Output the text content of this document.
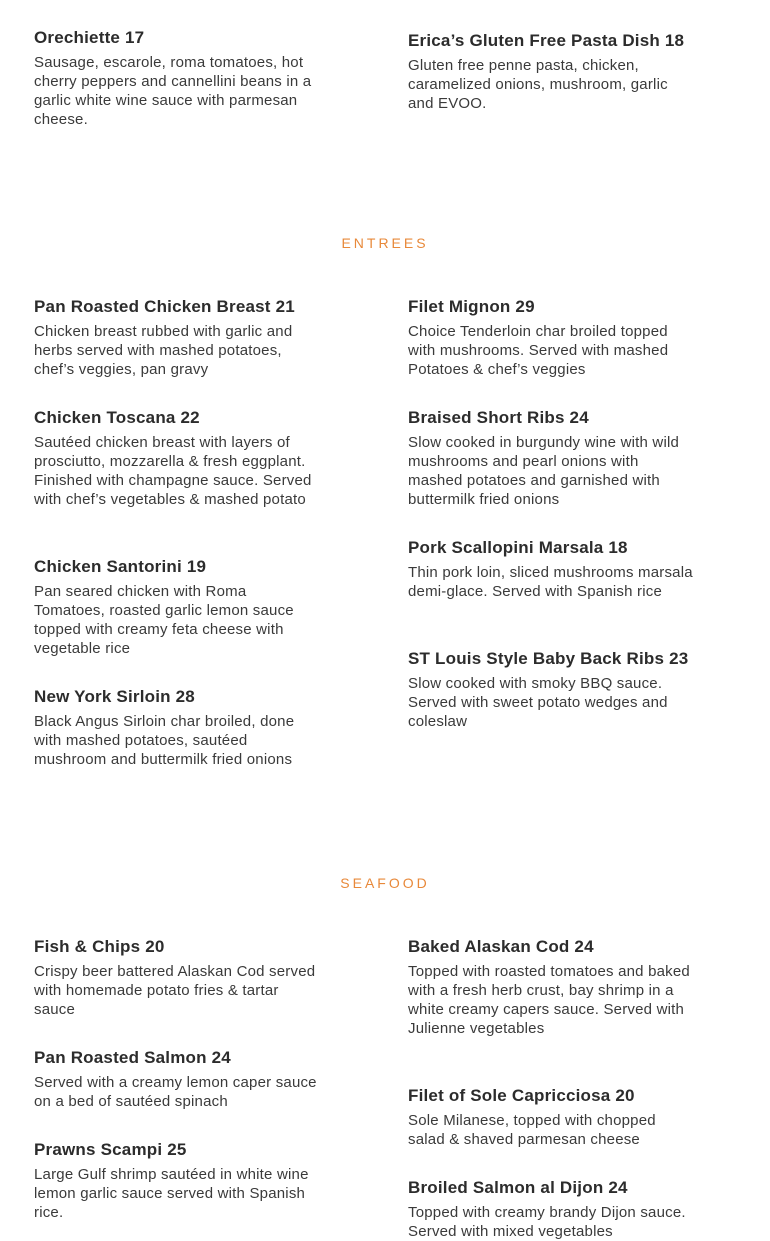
Orechiette 17

Sausage, escarole, roma tomatoes, hot cherry peppers and cannellini beans in a garlic white wine sauce with parmesan cheese.

Erica’s Gluten Free Pasta Dish 18

Gluten free penne pasta, chicken, caramelized onions, mushroom, garlic and EVOO.

ENTREES
Pan Roasted Chicken Breast 21

Chicken breast rubbed with garlic and herbs served with mashed potatoes, chef’s veggies, pan gravy

Filet Mignon 29

Choice Tenderloin char broiled topped with mushrooms. Served with mashed Potatoes & chef’s veggies

Chicken Toscana 22

Sautéed chicken breast with layers of prosciutto, mozzarella & fresh eggplant. Finished with champagne sauce. Served with chef’s vegetables & mashed potato

Braised Short Ribs 24

Slow cooked in burgundy wine with wild mushrooms and pearl onions with mashed potatoes and garnished with buttermilk fried onions

Chicken Santorini 19

Pan seared chicken with Roma Tomatoes, roasted garlic lemon sauce topped with creamy feta cheese with vegetable rice

Pork Scallopini Marsala 18

Thin pork loin, sliced mushrooms marsala demi-glace. Served with Spanish rice

New York Sirloin 28

Black Angus Sirloin char broiled, done with mashed potatoes, sautéed mushroom and buttermilk fried onions

ST Louis Style Baby Back Ribs 23

Slow cooked with smoky BBQ sauce. Served with sweet potato wedges and coleslaw

SEAFOOD
Fish & Chips 20

Crispy beer battered Alaskan Cod served with homemade potato fries & tartar sauce

Baked Alaskan Cod 24

Topped with roasted tomatoes and baked with a fresh herb crust, bay shrimp in a white creamy capers sauce. Served with Julienne vegetables

Pan Roasted Salmon 24

Served with a creamy lemon caper sauce on a bed of sautéed spinach	Filet of Sole Capricciosa 20

Sole Milanese, topped with chopped salad & shaved parmesan cheese

Prawns Scampi 25

Large Gulf shrimp sautéed in white wine lemon garlic sauce served with Spanish rice.

Broiled Salmon al Dijon 24

Topped with creamy brandy Dijon sauce. Served with mixed vegetables
